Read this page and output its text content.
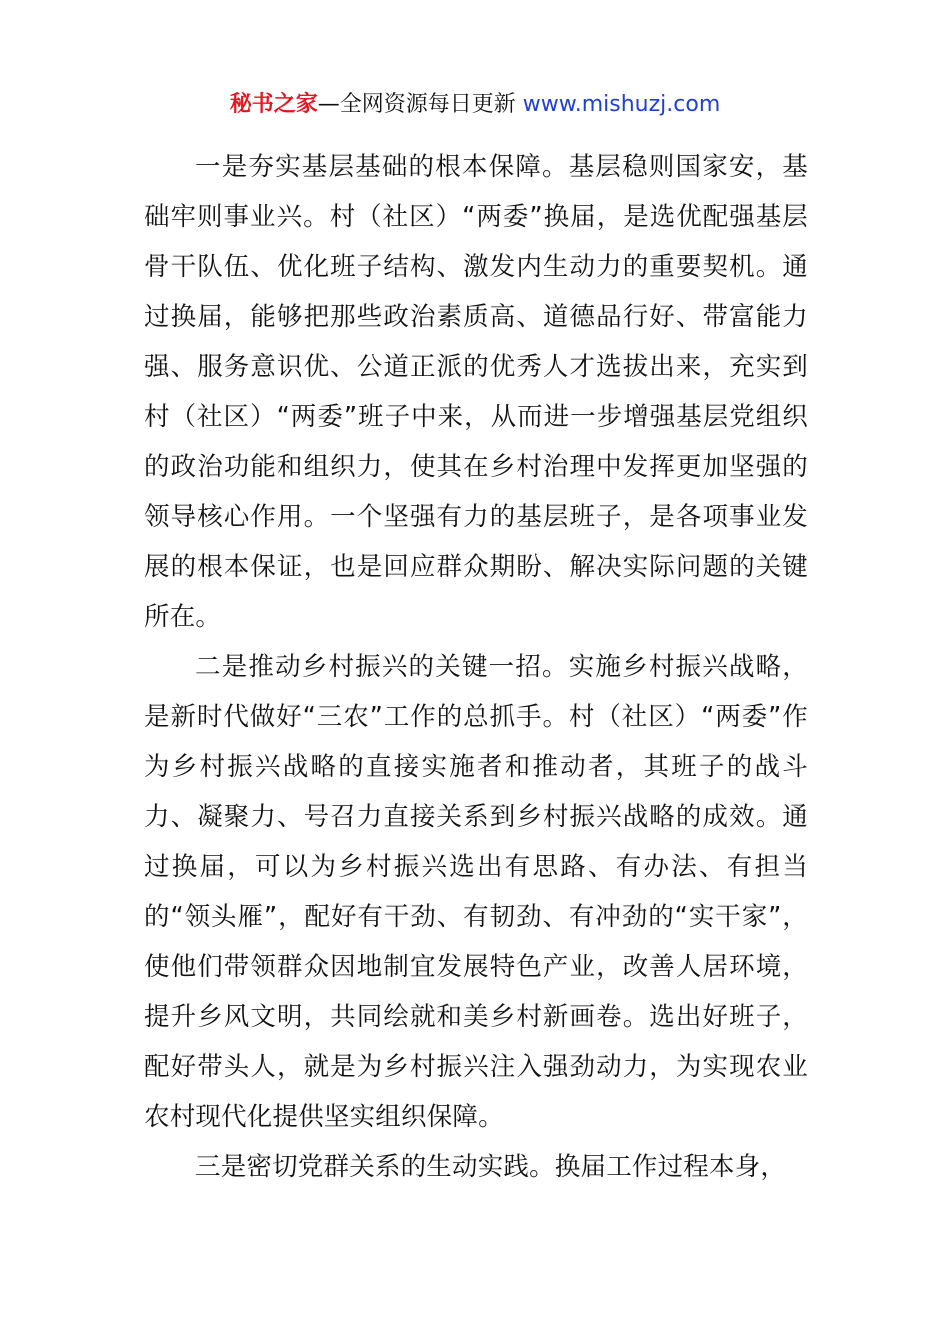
秘书之家—全网资源每日更新 www.mishuzj.com

一是夯实基层基础的根本保障。基层稳则国家安，基础牢则事业兴。村（社区）“两委”换届，是选优配强基层骨干队伍、优化班子结构、激发内生动力的重要契机。通过换届，能够把那些政治素质高、道德品行好、带富能力强、服务意识优、公道正派的优秀人才选拔出来，充实到村（社区）“两委”班子中来，从而进一步增强基层党组织的政治功能和组织力，使其在乡村治理中发挥更加坚强的领导核心作用。一个坚强有力的基层班子，是各项事业发展的根本保证，也是回应群众期盼、解决实际问题的关键所在。

二是推动乡村振兴的关键一招。实施乡村振兴战略，是新时代做好“三农”工作的总抓手。村（社区）“两委”作为乡村振兴战略的直接实施者和推动者，其班子的战斗力、凝聚力、号召力直接关系到乡村振兴战略的成效。通过换届，可以为乡村振兴选出有思路、有办法、有担当的“领头雁”，配好有干劲、有韧劲、有冲劲的“实干家”，使他们带领群众因地制宜发展特色产业，改善人居环境，提升乡风文明，共同绘就和美乡村新画卷。选出好班子，配好带头人，就是为乡村振兴注入强劲动力，为实现农业农村现代化提供坚实组织保障。

三是密切党群关系的生动实践。换届工作过程本身，
